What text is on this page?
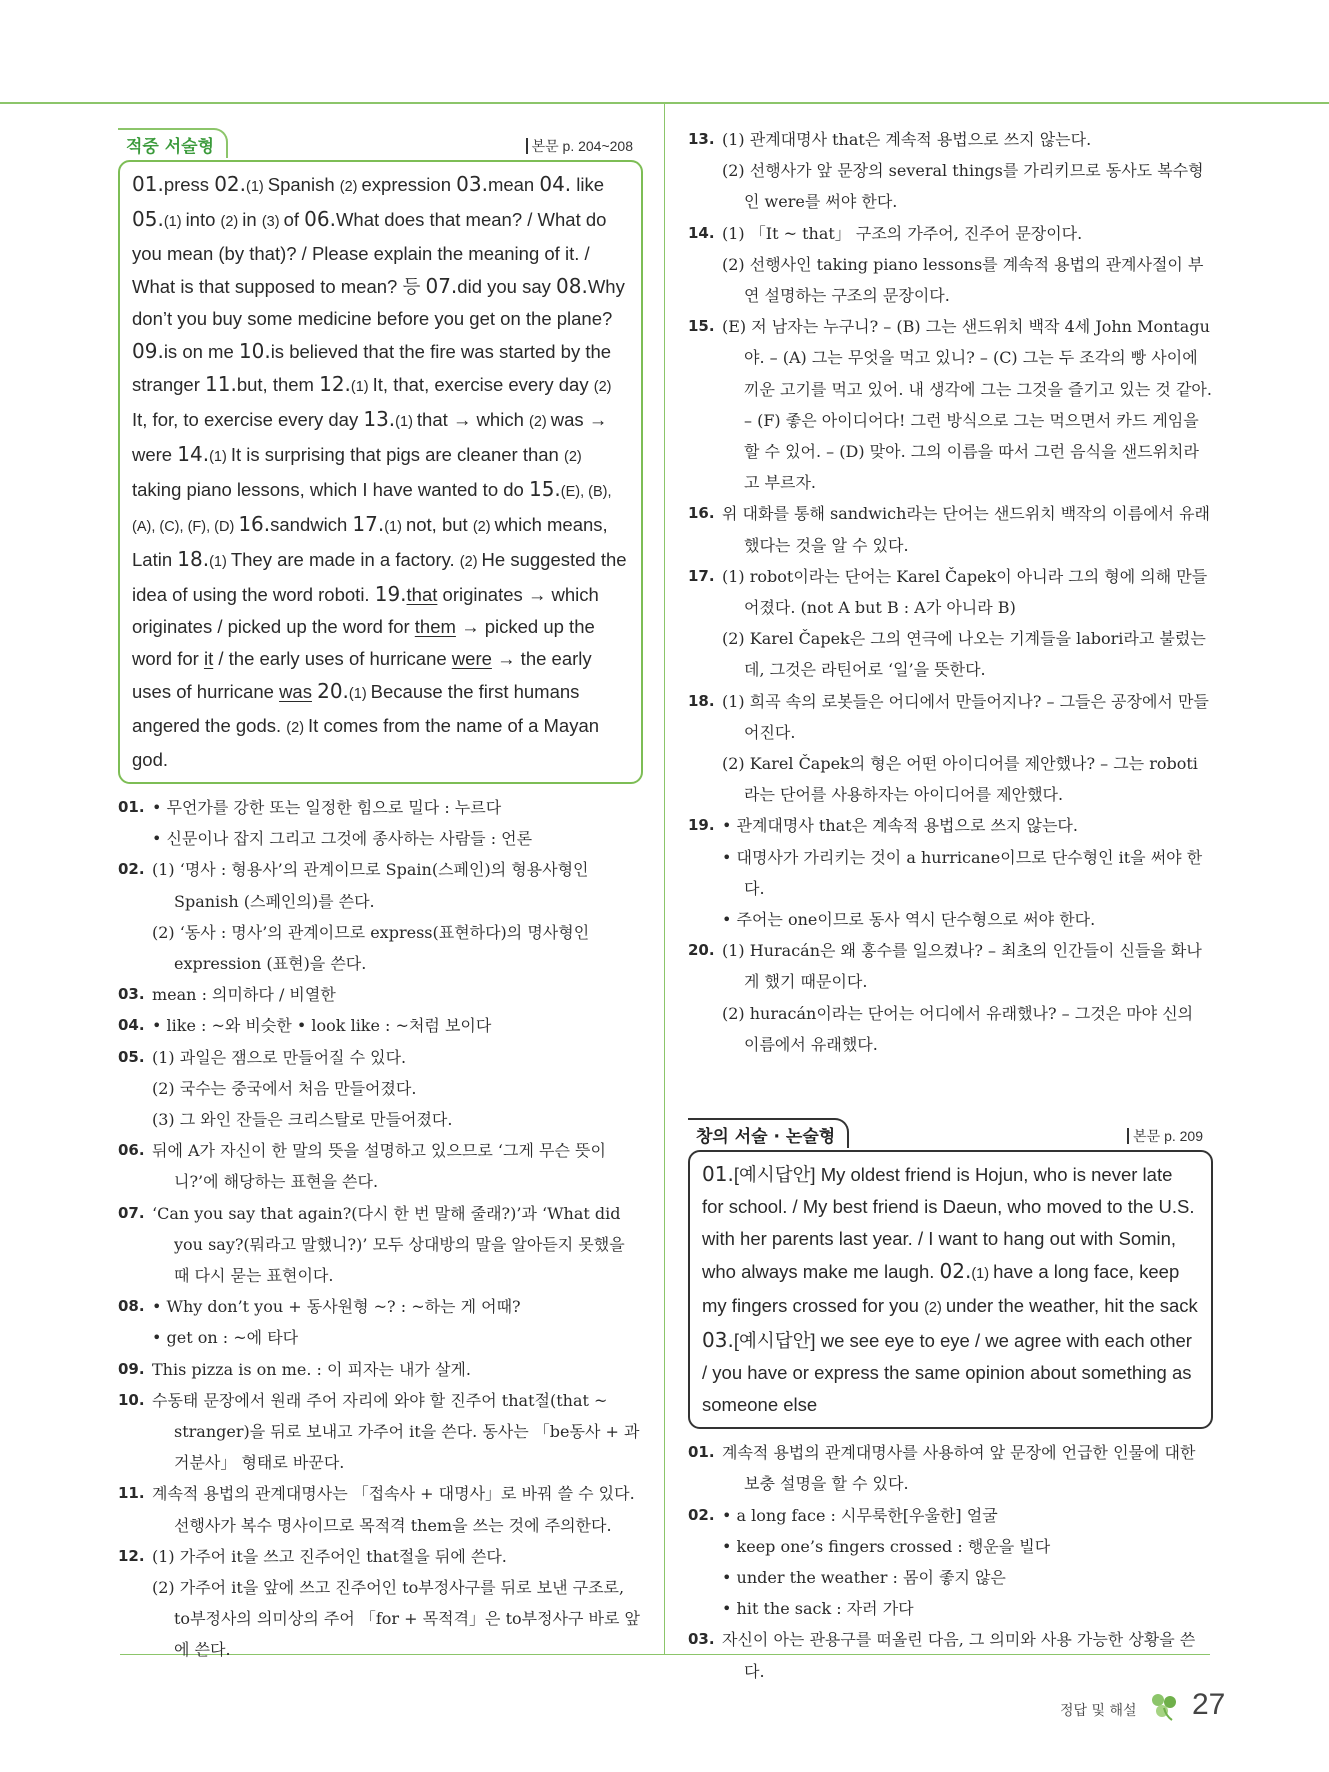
적중 서술형	본문 p. 204~208
01.press 02.(1) Spanish (2) expression 03.mean 04. like 05.(1) into (2) in (3) of 06.What does that mean? / What do you mean (by that)? / Please explain the meaning of it. / What is that supposed to mean? 등 07.did you say 08.Why don’t you buy some medicine before you get on the plane? 09.is on me 10.is believed that the fire was started by the stranger 11.but, them 12.(1) It, that, exercise every day (2) It, for, to exercise every day 13.(1) that → which (2) was → were 14.(1) It is surprising that pigs are cleaner than (2) taking piano lessons, which I have wanted to do 15.(E), (B), (A), (C), (F), (D) 16.sandwich 17.(1) not, but (2) which means, Latin 18.(1) They are made in a factory. (2) He suggested the idea of using the word roboti. 19.that originates → which originates / picked up the word for them → picked up the word for it / the early uses of hurricane were → the early uses of hurricane was 20.(1) Because the first humans angered the gods. (2) It comes from the name of a Mayan god.
01. • 무언가를 강한 또는 일정한 힘으로 밀다 : 누르다
• 신문이나 잡지 그리고 그것에 종사하는 사람들 : 언론
02. (1) ‘명사 : 형용사’의 관계이므로 Spain(스페인)의 형용사형인 Spanish (스페인의)를 쓴다.
(2) ‘동사 : 명사’의 관계이므로 express(표현하다)의 명사형인 expression (표현)을 쓴다.
03. mean : 의미하다 / 비열한
04. • like : ~와 비슷한 • look like : ~처럼 보이다
05. (1) 과일은 잼으로 만들어질 수 있다.
(2) 국수는 중국에서 처음 만들어졌다.
(3) 그 와인 잔들은 크리스탈로 만들어졌다.
06. 뒤에 A가 자신이 한 말의 뜻을 설명하고 있으므로 ‘그게 무슨 뜻이니?’에 해당하는 표현을 쓴다.
07. ‘Can you say that again?(다시 한 번 말해 줄래?)’과 ‘What did you say?(뭐라고 말했니?)’ 모두 상대방의 말을 알아듣지 못했을 때 다시 묻는 표현이다.
08. • Why don’t you + 동사원형 ~? : ~하는 게 어때?
• get on : ~에 타다
09. This pizza is on me. : 이 피자는 내가 살게.
10. 수동태 문장에서 원래 주어 자리에 와야 할 진주어 that절(that ~ stranger)을 뒤로 보내고 가주어 it을 쓴다. 동사는 「be동사 + 과거분사」 형태로 바꾼다.
11. 계속적 용법의 관계대명사는 「접속사 + 대명사」로 바꿔 쓸 수 있다. 선행사가 복수 명사이므로 목적격 them을 쓰는 것에 주의한다.
12. (1) 가주어 it을 쓰고 진주어인 that절을 뒤에 쓴다.
(2) 가주어 it을 앞에 쓰고 진주어인 to부정사구를 뒤로 보낸 구조로, to부정사의 의미상의 주어 「for + 목적격」은 to부정사구 바로 앞에 쓴다.
13. (1) 관계대명사 that은 계속적 용법으로 쓰지 않는다.
(2) 선행사가 앞 문장의 several things를 가리키므로 동사도 복수형인 were를 써야 한다.
14. (1) 「It ~ that」 구조의 가주어, 진주어 문장이다.
(2) 선행사인 taking piano lessons를 계속적 용법의 관계사절이 부연 설명하는 구조의 문장이다.
15. (E) 저 남자는 누구니? – (B) 그는 샌드위치 백작 4세 John Montagu야. – (A) 그는 무엇을 먹고 있니? – (C) 그는 두 조각의 빵 사이에 끼운 고기를 먹고 있어. 내 생각에 그는 그것을 즐기고 있는 것 같아. – (F) 좋은 아이디어다! 그런 방식으로 그는 먹으면서 카드 게임을 할 수 있어. – (D) 맞아. 그의 이름을 따서 그런 음식을 샌드위치라고 부르자.
16. 위 대화를 통해 sandwich라는 단어는 샌드위치 백작의 이름에서 유래했다는 것을 알 수 있다.
17. (1) robot이라는 단어는 Karel Čapek이 아니라 그의 형에 의해 만들어졌다. (not A but B : A가 아니라 B)
(2) Karel Čapek은 그의 연극에 나오는 기계들을 labori라고 불렀는데, 그것은 라틴어로 ‘일’을 뜻한다.
18. (1) 희곡 속의 로봇들은 어디에서 만들어지나? – 그들은 공장에서 만들어진다.
(2) Karel Čapek의 형은 어떤 아이디어를 제안했나? – 그는 roboti라는 단어를 사용하자는 아이디어를 제안했다.
19. • 관계대명사 that은 계속적 용법으로 쓰지 않는다.
• 대명사가 가리키는 것이 a hurricane이므로 단수형인 it을 써야 한다.
• 주어는 one이므로 동사 역시 단수형으로 써야 한다.
20. (1) Huracán은 왜 홍수를 일으켰나? – 최초의 인간들이 신들을 화나게 했기 때문이다.
(2) huracán이라는 단어는 어디에서 유래했나? – 그것은 마야 신의 이름에서 유래했다.
창의 서술 · 논술형	본문 p. 209
01.[예시답안] My oldest friend is Hojun, who is never late for school. / My best friend is Daeun, who moved to the U.S. with her parents last year. / I want to hang out with Somin, who always make me laugh. 02.(1) have a long face, keep my fingers crossed for you (2) under the weather, hit the sack 03.[예시답안] we see eye to eye / we agree with each other / you have or express the same opinion about something as someone else
01. 계속적 용법의 관계대명사를 사용하여 앞 문장에 언급한 인물에 대한 보충 설명을 할 수 있다.
02. • a long face : 시무룩한[우울한] 얼굴
• keep one’s fingers crossed : 행운을 빌다
• under the weather : 몸이 좋지 않은
• hit the sack : 자러 가다
03. 자신이 아는 관용구를 떠올린 다음, 그 의미와 사용 가능한 상황을 쓴다.
정답 및 해설 27
